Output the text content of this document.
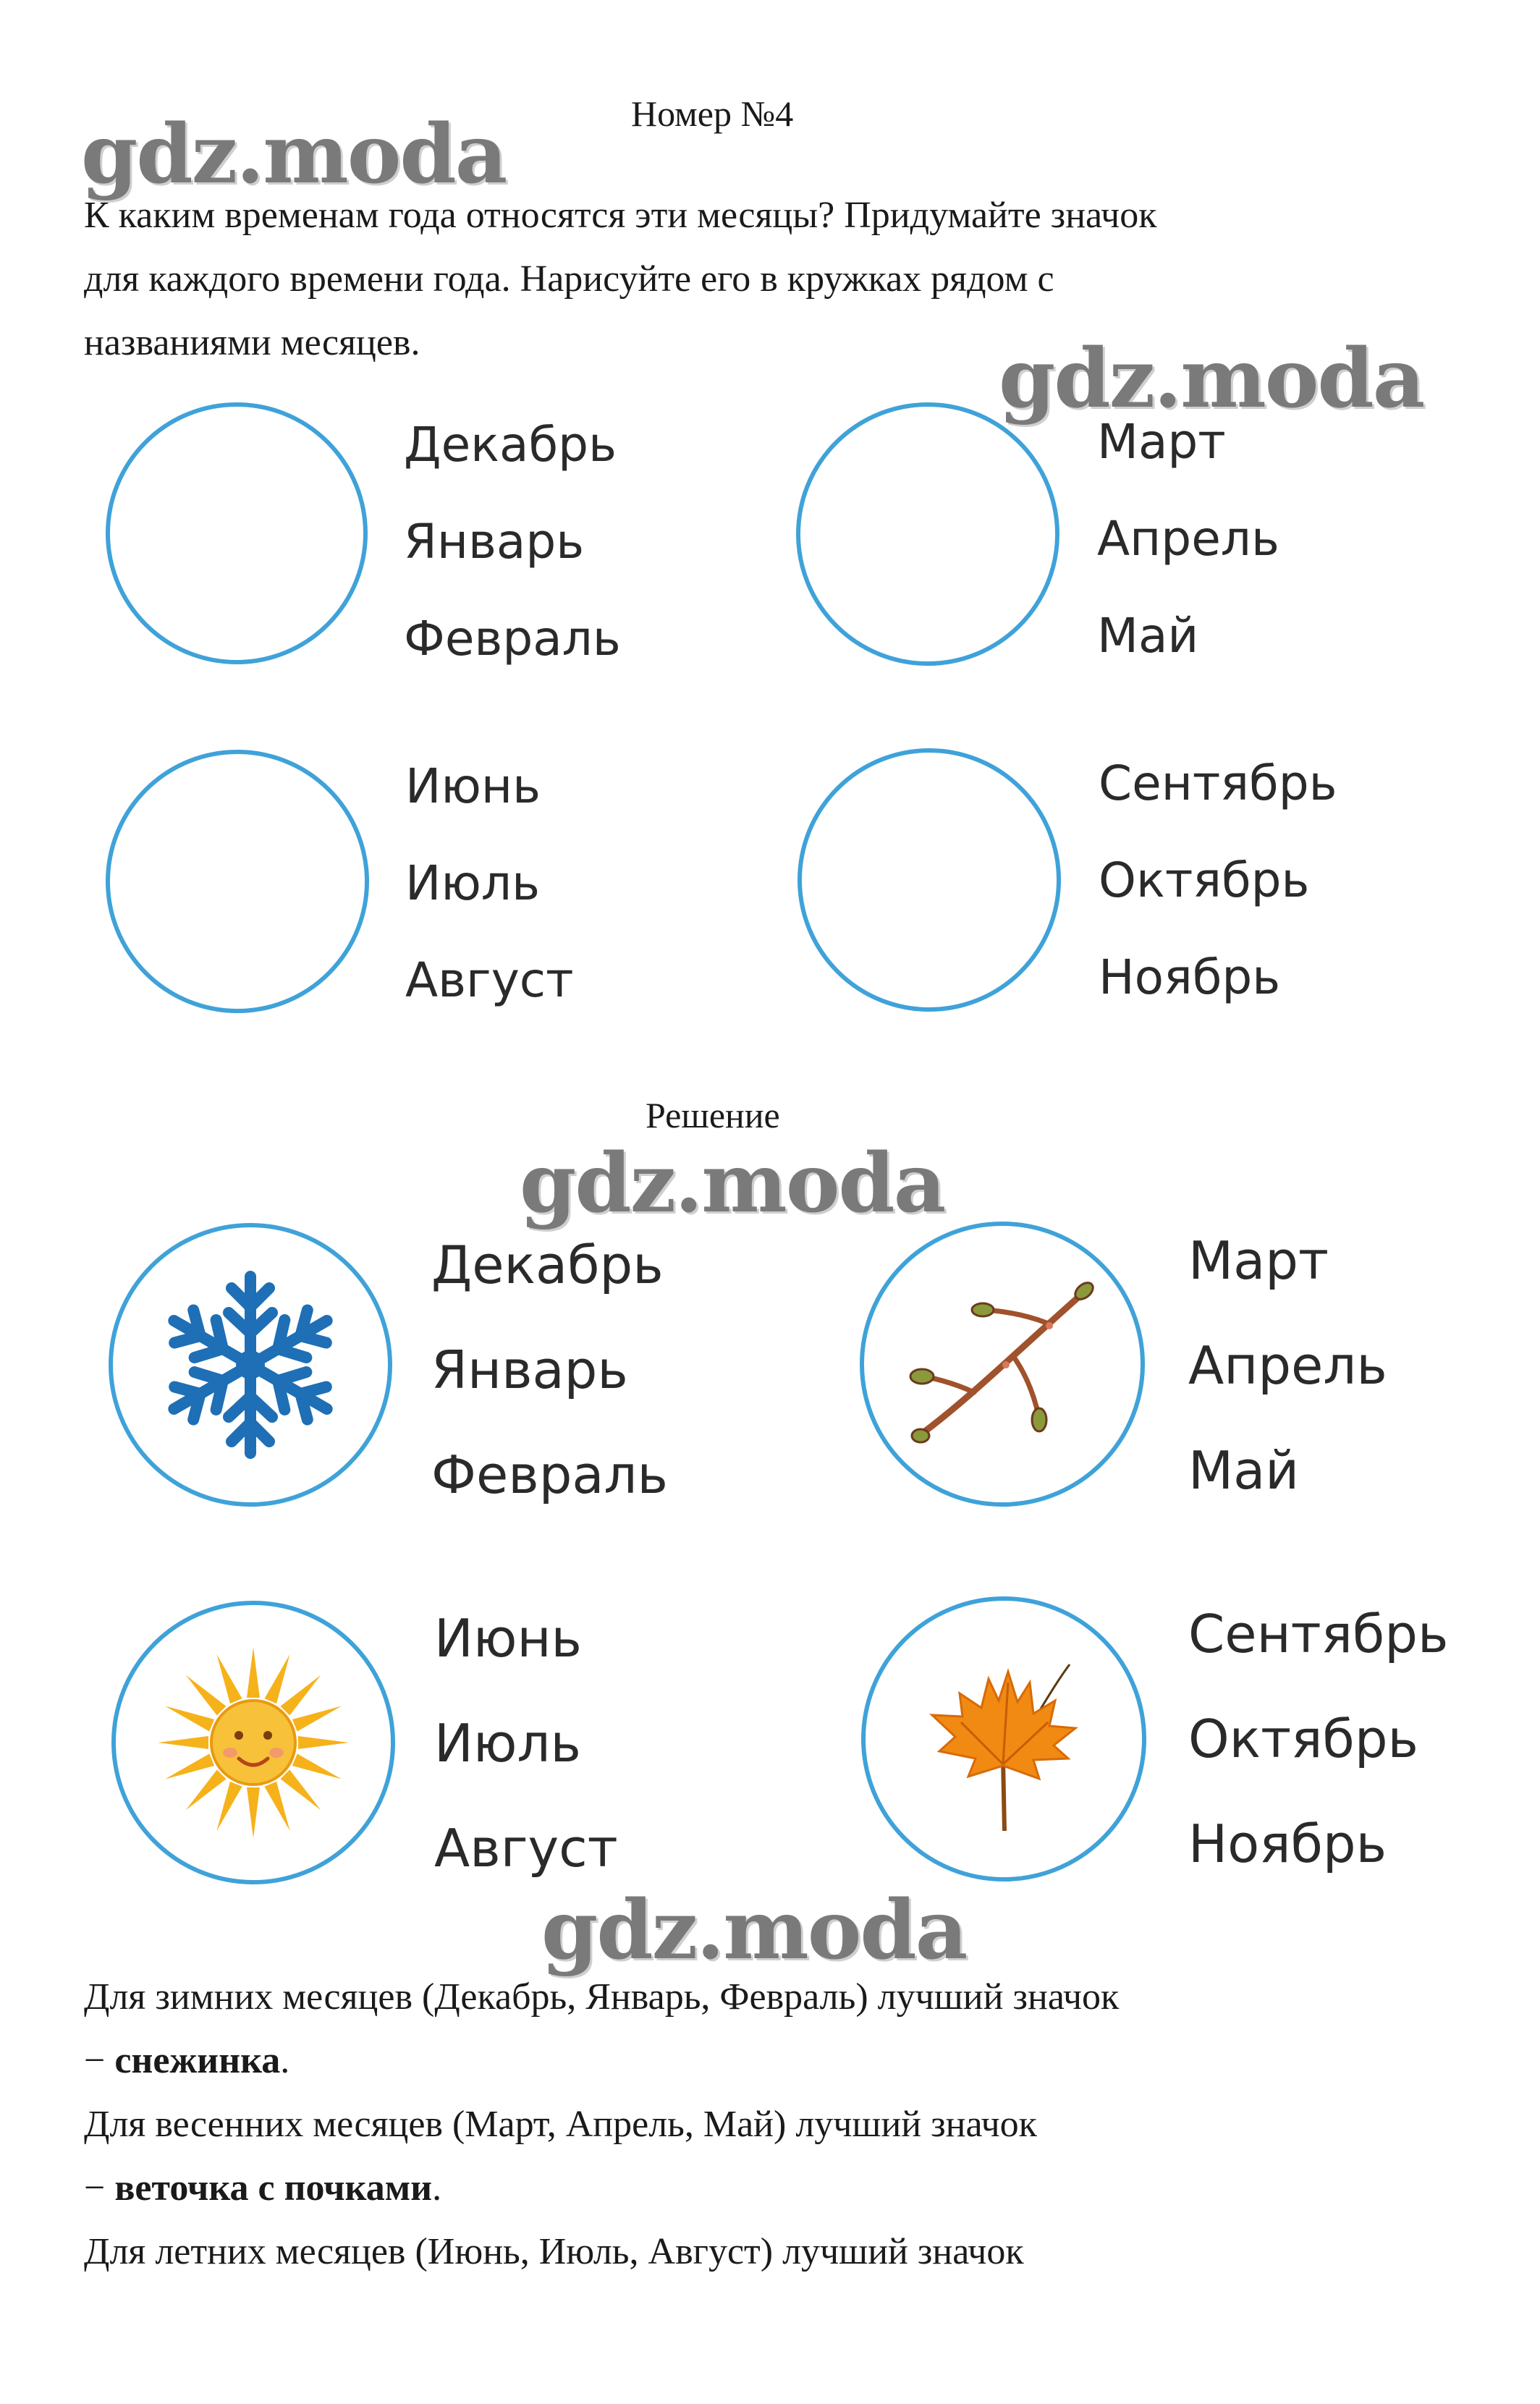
Номер №4
gdz.moda
К каким временам года относятся эти месяцы? Придумайте значок
для каждого времени года. Нарисуйте его в кружках рядом с
названиями месяцев.	gdz.moda
Декабрь
Январь
Февраль
Март
Апрель
Май
Июнь
Июль
Август
Сентябрь
Октябрь
Ноябрь
Решение
gdz.moda
Декабрь
Январь
Февраль
Март
Апрель
Май
Июнь
Июль
Август
Сентябрь
Октябрь
Ноябрь
gdz.moda
Для зимних месяцев (Декабрь, Январь, Февраль) лучший значок
− снежинка.
Для весенних месяцев (Март, Апрель, Май) лучший значок
− веточка с почками.
Для летних месяцев (Июнь, Июль, Август) лучший значок
